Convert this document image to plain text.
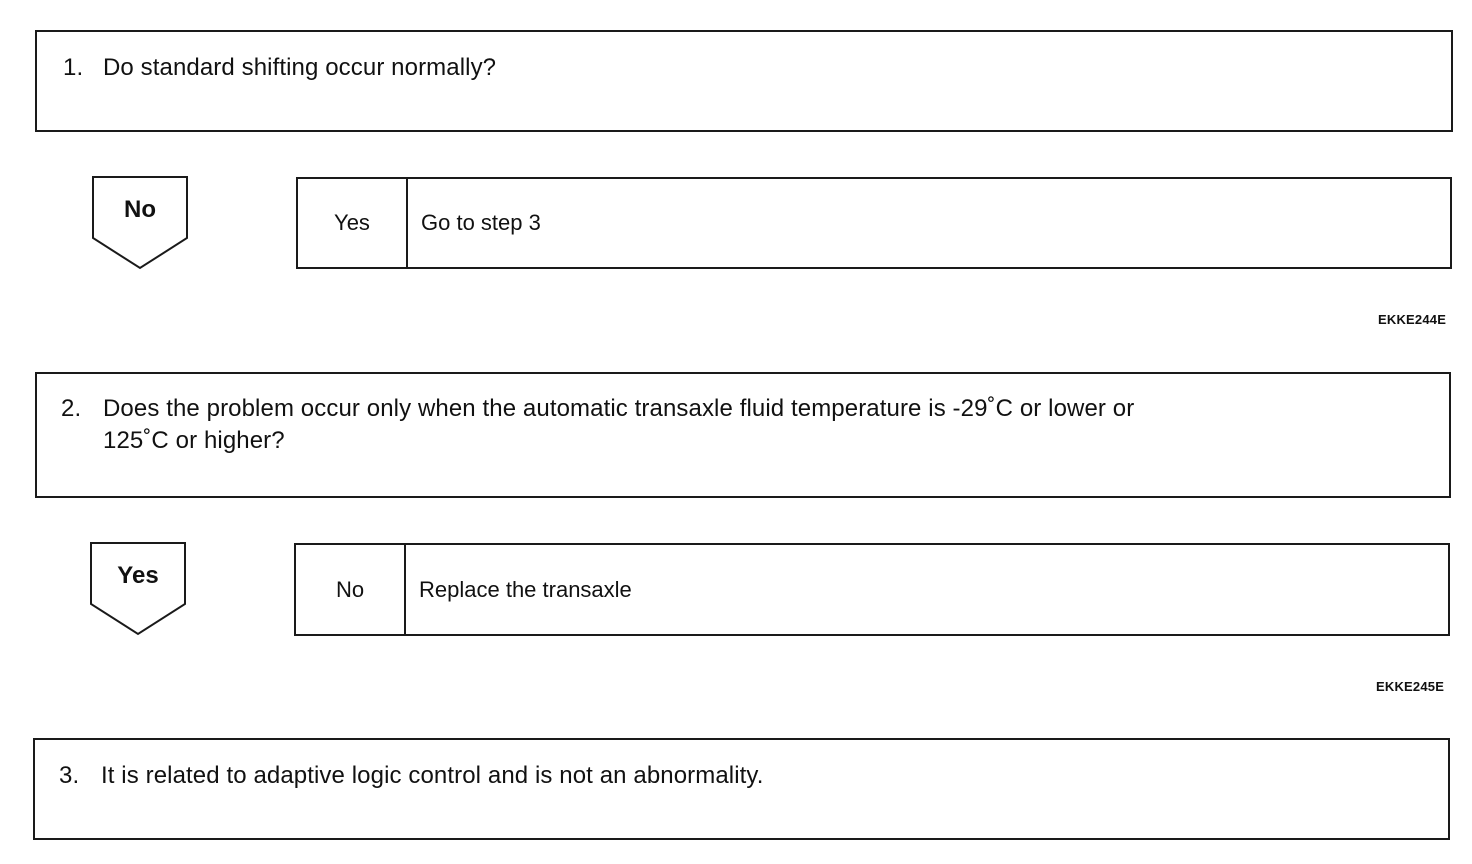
1. Do standard shifting occur normally?
No	Yes	Go to step 3
EKKE244E
2. Does the problem occur only when the automatic transaxle fluid temperature is -29˚C or lower or
125˚C or higher?
Yes	No	Replace the transaxle
EKKE245E
3. It is related to adaptive logic control and is not an abnormality.
